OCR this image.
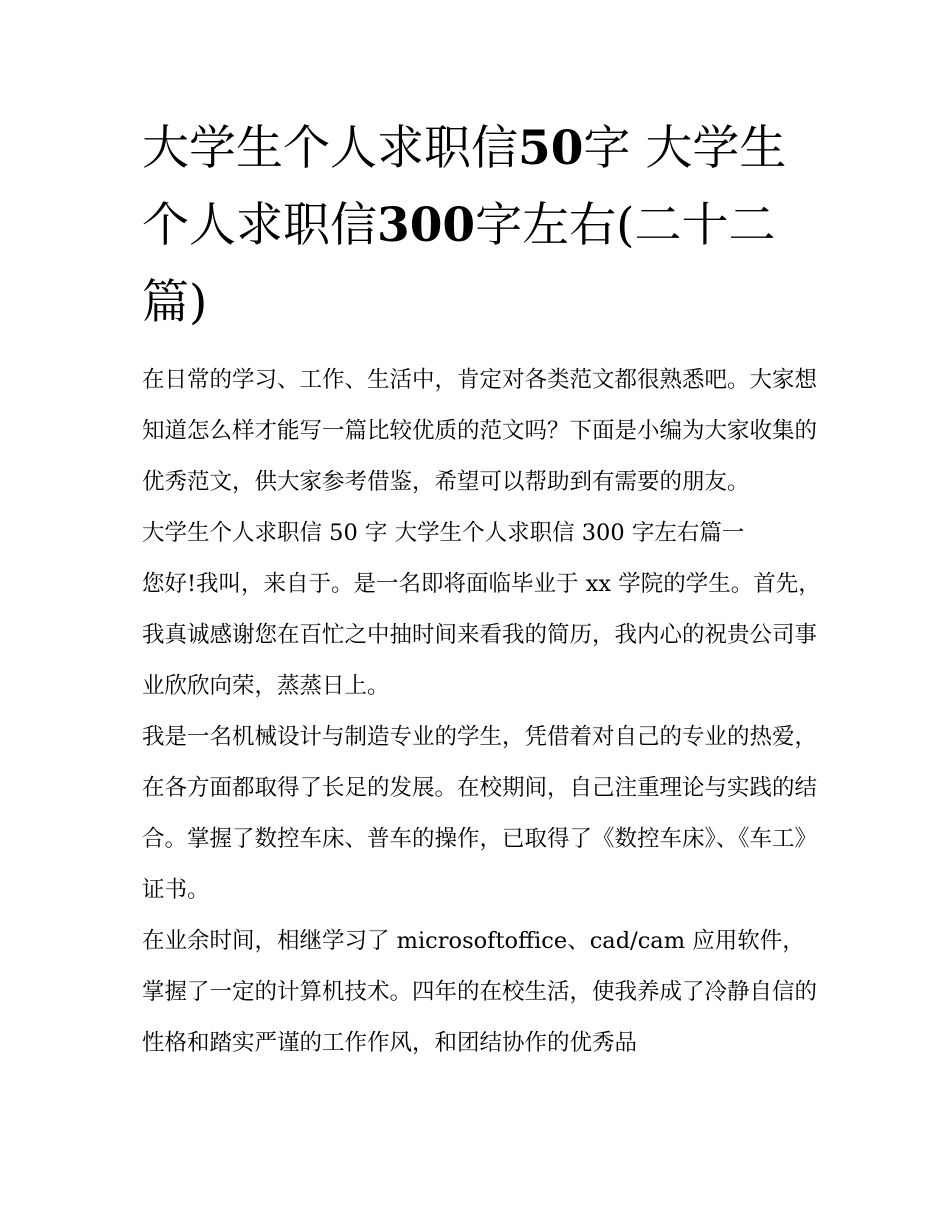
大学生个人求职信50字 大学生个人求职信300字左右(二十二篇)

在日常的学习、工作、生活中，肯定对各类范文都很熟悉吧。大家想知道怎么样才能写一篇比较优质的范文吗？下面是小编为大家收集的优秀范文，供大家参考借鉴，希望可以帮助到有需要的朋友。

大学生个人求职信 50 字 大学生个人求职信 300 字左右篇一

您好!我叫，来自于。是一名即将面临毕业于 xx 学院的学生。首先，我真诚感谢您在百忙之中抽时间来看我的简历，我内心的祝贵公司事业欣欣向荣，蒸蒸日上。

我是一名机械设计与制造专业的学生，凭借着对自己的专业的热爱，在各方面都取得了长足的发展。在校期间，自己注重理论与实践的结合。掌握了数控车床、普车的操作，已取得了《数控车床》、《车工》证书。

在业余时间，相继学习了 microsoftoffice、cad/cam 应用软件，掌握了一定的计算机技术。四年的在校生活，使我养成了冷静自信的性格和踏实严谨的工作作风，和团结协作的优秀品
